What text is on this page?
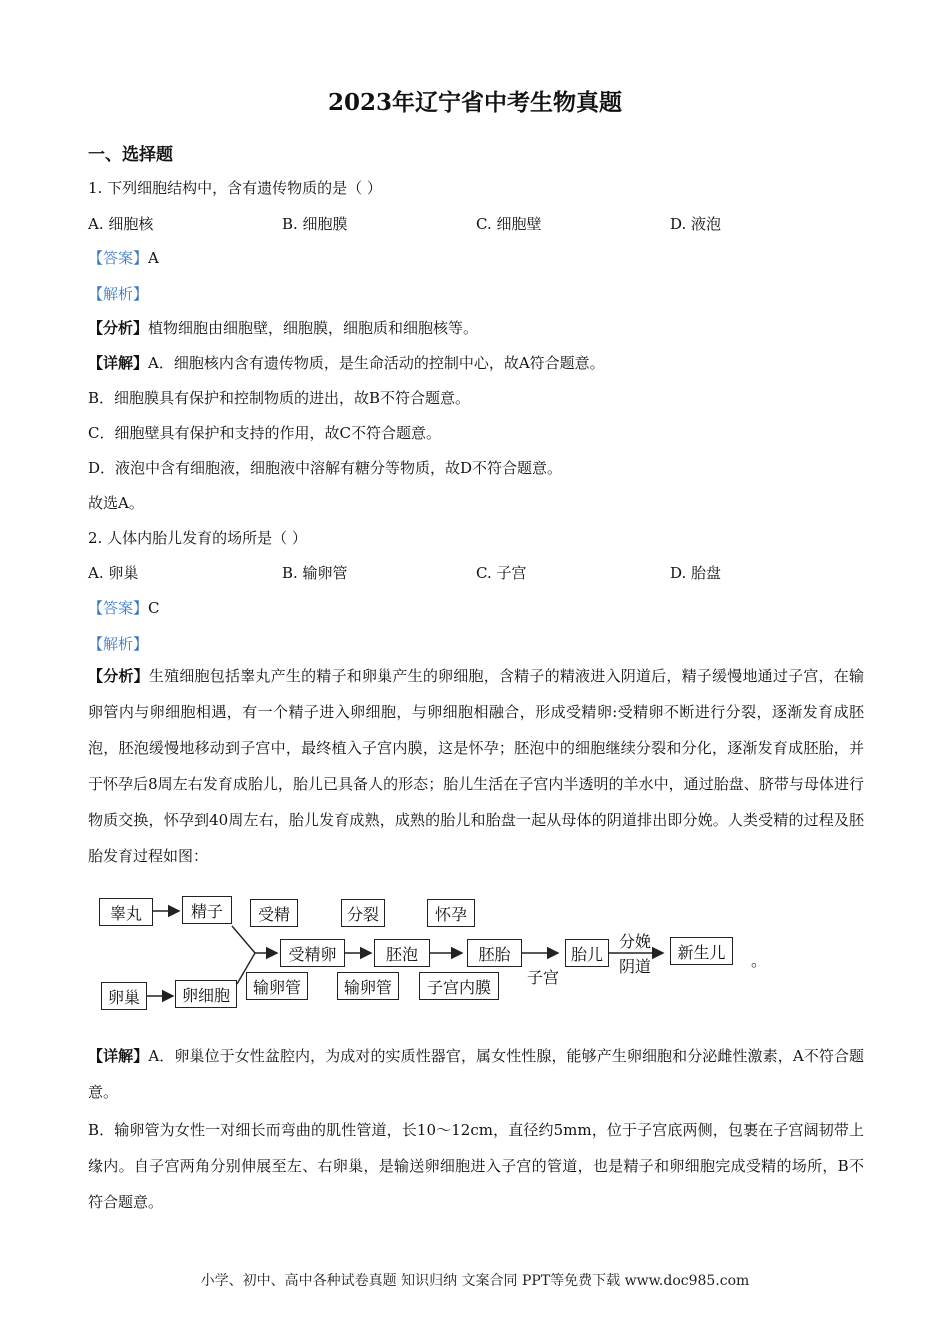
2023年辽宁省中考生物真题
一、选择题
1. 下列细胞结构中，含有遗传物质的是（ ）
A. 细胞核	B. 细胞膜	C. 细胞壁	D. 液泡
【答案】A
【解析】
【分析】植物细胞由细胞壁，细胞膜，细胞质和细胞核等。
【详解】A．细胞核内含有遗传物质，是生命活动的控制中心，故A符合题意。
B．细胞膜具有保护和控制物质的进出，故B不符合题意。
C．细胞壁具有保护和支持的作用，故C不符合题意。
D．液泡中含有细胞液，细胞液中溶解有糖分等物质，故D不符合题意。
故选A。
2. 人体内胎儿发育的场所是（ ）
A. 卵巢	B. 输卵管	C. 子宫	D. 胎盘
【答案】C
【解析】
【分析】生殖细胞包括睾丸产生的精子和卵巢产生的卵细胞，含精子的精液进入阴道后，精子缓慢地通过子宫，在输卵管内与卵细胞相遇，有一个精子进入卵细胞，与卵细胞相融合，形成受精卵:受精卵不断进行分裂，逐渐发育成胚泡，胚泡缓慢地移动到子宫中，最终植入子宫内膜，这是怀孕；胚泡中的细胞继续分裂和分化，逐渐发育成胚胎，并于怀孕后8周左右发育成胎儿，胎儿已具备人的形态；胎儿生活在子宫内半透明的羊水中，通过胎盘、脐带与母体进行物质交换，怀孕到40周左右，胎儿发育成熟，成熟的胎儿和胎盘一起从母体的阴道排出即分娩。人类受精的过程及胚胎发育过程如图：
睾丸	精子
卵巢	卵细胞
受精
受精卵
输卵管
分裂
胚泡
输卵管
怀孕
胚胎
子宫内膜
胎儿
子宫
分娩
阴道
新生儿	。
【详解】A．卵巢位于女性盆腔内，为成对的实质性器官，属女性性腺，能够产生卵细胞和分泌雌性激素，A不符合题意。
B．输卵管为女性一对细长而弯曲的肌性管道，长10～12cm，直径约5mm，位于子宫底两侧，包裹在子宫阔韧带上缘内。自子宫两角分别伸展至左、右卵巢，是输送卵细胞进入子宫的管道，也是精子和卵细胞完成受精的场所，B不符合题意。
小学、初中、高中各种试卷真题 知识归纳 文案合同 PPT等免费下载 www.doc985.com
